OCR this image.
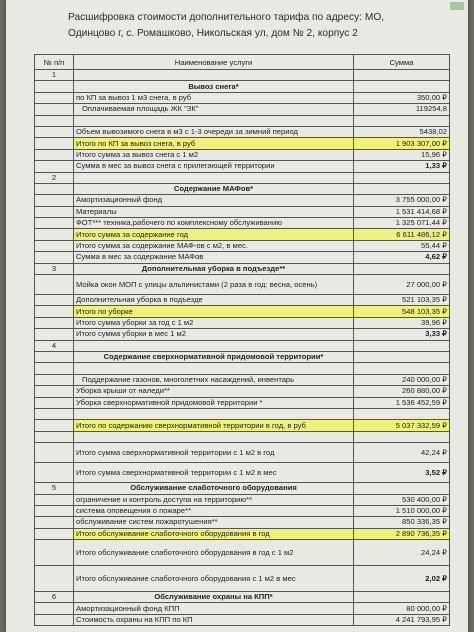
Расшифровка стоимости дополнительного тарифа по адресу: МО,
Одинцово г, с. Ромашково, Никольская ул, дом № 2, корпус 2
№ п/п	Наименование услуги	Сумма
1		
	Вывоз снега*	
	по КП за вывоз 1 м3 снега, в руб	350,00 ₽
	Оплачиваемая площадь ЖК "ЗК"	119254,8

	Объем вывозимого снега в м3 с 1-3 очереди за зимний период	5438,02
	Итого по КП за вывоз снега, в руб	1 903 307,00 ₽
	Итого сумма за вывоз снега с 1 м2	15,96 ₽
	Сумма в мес за вывоз снега с прилегающей территории	1,33 ₽
2		
	Содержание МАФов*	
	Амортизационный фонд	3 755 000,00 ₽
	Материалы	1 531 414,68 ₽
	ФОТ*** техника,рабочего по комплексному обслуживанию	1 325 071,44 ₽
	Итого сумма за содержание год	6 611 486,12 ₽
	Итого сумма за содержание МАФ-ов с м2, в мес.	55,44 ₽
	Сумма в мес за содержание МАФов	4,62 ₽
3	Дополнительная уборка в подъезде**	
	Мойка окон МОП с улицы альпинистами (2 раза в год: весна, осень)	27 000,00 ₽
	Дополнительная уборка в подъезде	521 103,35 ₽
	Итого по уборке	548 103,35 ₽
	Итого сумма уборки за год с 1 м2	39,96 ₽
	Итого сумма уборки в мес 1 м2	3,33 ₽
4		
	Содержание сверхнормативной придомовой территории*	

	Поддержание газонов, многолетних насаждений, инвентарь	240 000,00 ₽
	Уборка крыши от наледи**	260 880,00 ₽
	Уборка сверхнормативной придомовой территории *	1 536 452,59 ₽

	Итого по содержанию сверхнормативной территории в год, в руб	5 037 332,59 ₽

	Итого сумма сверхнормативной территории с 1 м2 в год	42,24 ₽
	Итого сумма сверхнормативной территории с 1 м2 в мес	3,52 ₽
5	Обслуживание слаботочного оборудования	
	ограничение и контроль доступа на территорию**	530 400,00 ₽
	система оповещения о пожаре**	1 510 000,00 ₽
	обслуживание систем пожаротушения**	850 336,35 ₽
	Итого обслуживание слаботочного оборудования в год	2 890 736,35 ₽
	Итого обслуживание слаботочного оборудования в год с 1 м2	24,24 ₽
	Итого обслуживание слаботочного оборудования с 1 м2 в мес	2,02 ₽
6	Обслуживание охраны на КПП*	
	Амортизационный фонд КПП	80 000,00 ₽
	Стоимость охраны на КПП по КП	4 241 793,95 ₽
